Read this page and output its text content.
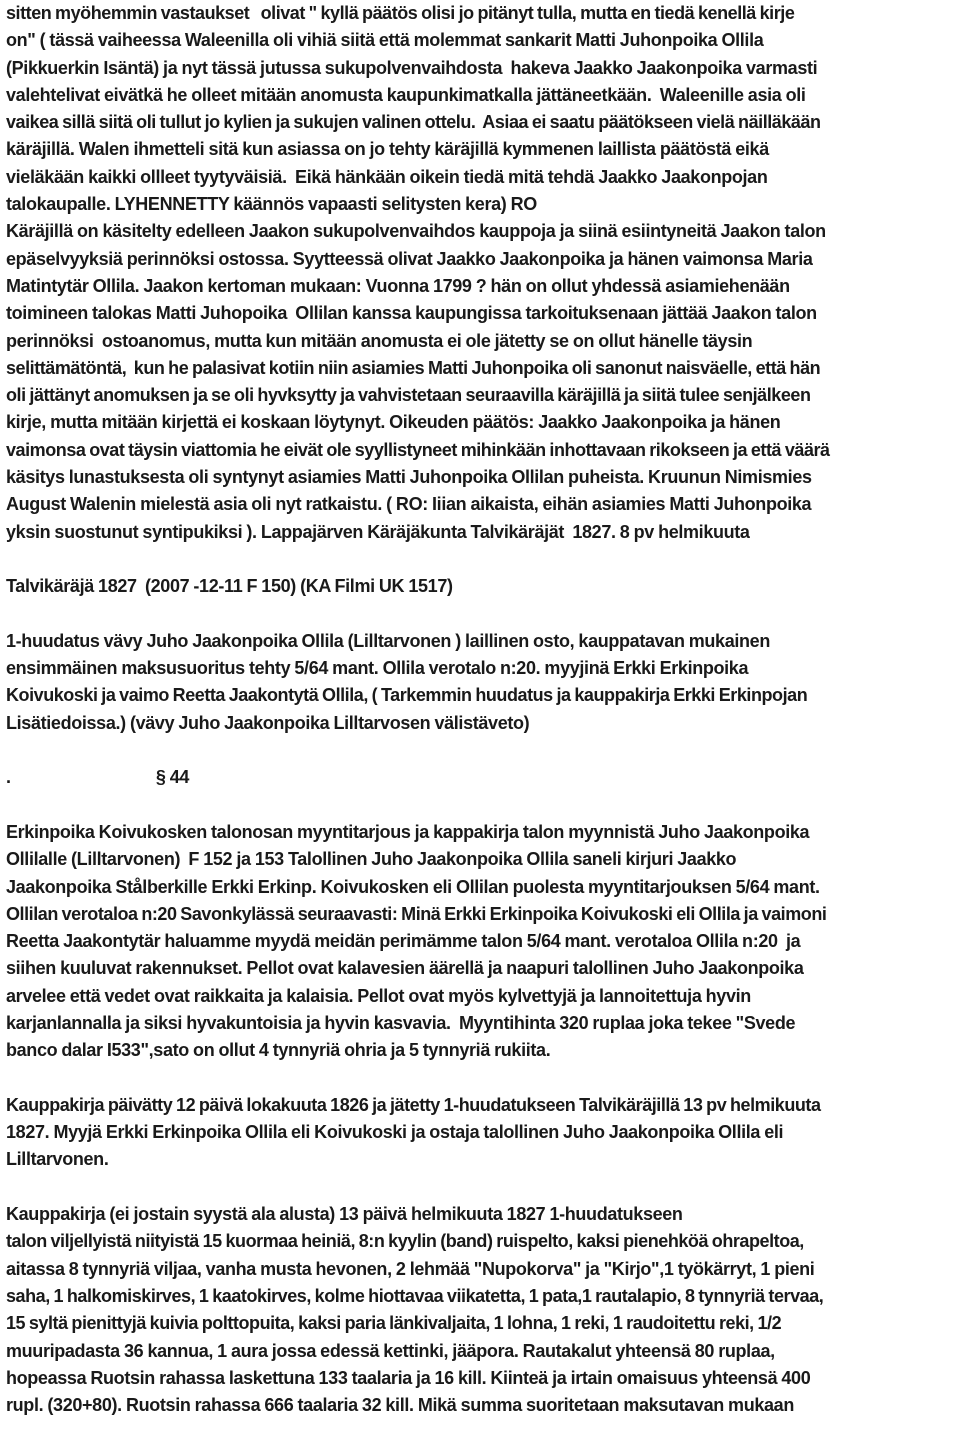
sitten myöhemmin vastaukset   olivat " kyllä päätös olisi jo pitänyt tulla, mutta en tiedä kenellä kirje
on" ( tässä vaiheessa Waleenilla oli vihiä siitä että molemmat sankarit Matti Juhonpoika Ollila
(Pikkuerkin Isäntä) ja nyt tässä jutussa sukupolvenvaihdosta  hakeva Jaakko Jaakonpoika varmasti
valehtelivat eivätkä he olleet mitään anomusta kaupunkimatkalla jättäneetkään.  Waleenille asia oli
vaikea sillä siitä oli tullut jo kylien ja sukujen valinen ottelu.  Asiaa ei saatu päätökseen vielä näilläkään
käräjillä. Walen ihmetteli sitä kun asiassa on jo tehty käräjillä kymmenen laillista päätöstä eikä
vieläkään kaikki ollleet tyytyväisiä.  Eikä hänkään oikein tiedä mitä tehdä Jaakko Jaakonpojan
talokaupalle. LYHENNETTY käännös vapaasti selitysten kera) RO
Käräjillä on käsitelty edelleen Jaakon sukupolvenvaihdos kauppoja ja siinä esiintyneitä Jaakon talon
epäselvyyksiä perinnöksi ostossa. Syytteessä olivat Jaakko Jaakonpoika ja hänen vaimonsa Maria
Matintytär Ollila. Jaakon kertoman mukaan: Vuonna 1799 ? hän on ollut yhdessä asiamiehenään
toimineen talokas Matti Juhopoika  Ollilan kanssa kaupungissa tarkoituksenaan jättää Jaakon talon
perinnöksi  ostoanomus, mutta kun mitään anomusta ei ole jätetty se on ollut hänelle täysin
selittämätöntä,  kun he palasivat kotiin niin asiamies Matti Juhonpoika oli sanonut naisväelle, että hän
oli jättänyt anomuksen ja se oli hyvksytty ja vahvistetaan seuraavilla käräjillä ja siitä tulee senjälkeen
kirje, mutta mitään kirjettä ei koskaan löytynyt. Oikeuden päätös: Jaakko Jaakonpoika ja hänen
vaimonsa ovat täysin viattomia he eivät ole syyllistyneet mihinkään inhottavaan rikokseen ja että väärä
käsitys lunastuksesta oli syntynyt asiamies Matti Juhonpoika Ollilan puheista. Kruunun Nimismies
August Walenin mielestä asia oli nyt ratkaistu. ( RO: Iiian aikaista, eihän asiamies Matti Juhonpoika
yksin suostunut syntipukiksi ). Lappajärven Käräjäkunta Talvikäräjät  1827. 8 pv helmikuuta
Talvikäräjä 1827  (2007 -12-11 F 150) (KA Filmi UK 1517)
1-huudatus vävy Juho Jaakonpoika Ollila (Lilltarvonen ) laillinen osto, kauppatavan mukainen
ensimmäinen maksusuoritus tehty 5/64 mant. Ollila verotalo n:20. myyjinä Erkki Erkinpoika
Koivukoski ja vaimo Reetta Jaakontytä Ollila, ( Tarkemmin huudatus ja kauppakirja Erkki Erkinpojan
Lisätiedoissa.) (vävy Juho Jaakonpoika Lilltarvosen välistäveto)
.                                   § 44
Erkinpoika Koivukosken talonosan myyntitarjous ja kappakirja talon myynnistä Juho Jaakonpoika
Ollilalle (Lilltarvonen)  F 152 ja 153 Talollinen Juho Jaakonpoika Ollila saneli kirjuri Jaakko
Jaakonpoika Stålberkille Erkki Erkinp. Koivukosken eli Ollilan puolesta myyntitarjouksen 5/64 mant.
Ollilan verotaloa n:20 Savonkylässä seuraavasti: Minä Erkki Erkinpoika Koivukoski eli Ollila ja vaimoni
Reetta Jaakontytär haluamme myydä meidän perimämme talon 5/64 mant. verotaloa Ollila n:20  ja
siihen kuuluvat rakennukset. Pellot ovat kalavesien äärellä ja naapuri talollinen Juho Jaakonpoika
arvelee että vedet ovat raikkaita ja kalaisia. Pellot ovat myös kylvettyjä ja lannoitettuja hyvin
karjanlannalla ja siksi hyvakuntoisia ja hyvin kasvavia.  Myyntihinta 320 ruplaa joka tekee "Svede
banco dalar I533",sato on ollut 4 tynnyriä ohria ja 5 tynnyriä rukiita.
Kauppakirja päivätty 12 päivä lokakuuta 1826 ja jätetty 1-huudatukseen Talvikäräjillä 13 pv helmikuuta
1827. Myyjä Erkki Erkinpoika Ollila eli Koivukoski ja ostaja talollinen Juho Jaakonpoika Ollila eli
Lilltarvonen.
Kauppakirja (ei jostain syystä ala alusta) 13 päivä helmikuuta 1827 1-huudatukseen
talon viljellyistä niityistä 15 kuormaa heiniä, 8:n kyylin (band) ruispelto, kaksi pienehköä ohrapeltoa,
aitassa 8 tynnyriä viljaa, vanha musta hevonen, 2 lehmää "Nupokorva" ja "Kirjo",1 työkärryt, 1 pieni
saha, 1 halkomiskirves, 1 kaatokirves, kolme hiottavaa viikatetta, 1 pata,1 rautalapio, 8 tynnyriä tervaa,
15 syltä pienittyjä kuivia polttopuita, kaksi paria länkivaljaita, 1 lohna, 1 reki, 1 raudoitettu reki, 1/2
muuripadasta 36 kannua, 1 aura jossa edessä kettinki, jääpora. Rautakalut yhteensä 80 ruplaa,
hopeassa Ruotsin rahassa laskettuna 133 taalaria ja 16 kill. Kiinteä ja irtain omaisuus yhteensä 400
rupl. (320+80). Ruotsin rahassa 666 taalaria 32 kill. Mikä summa suoritetaan maksutavan mukaan
